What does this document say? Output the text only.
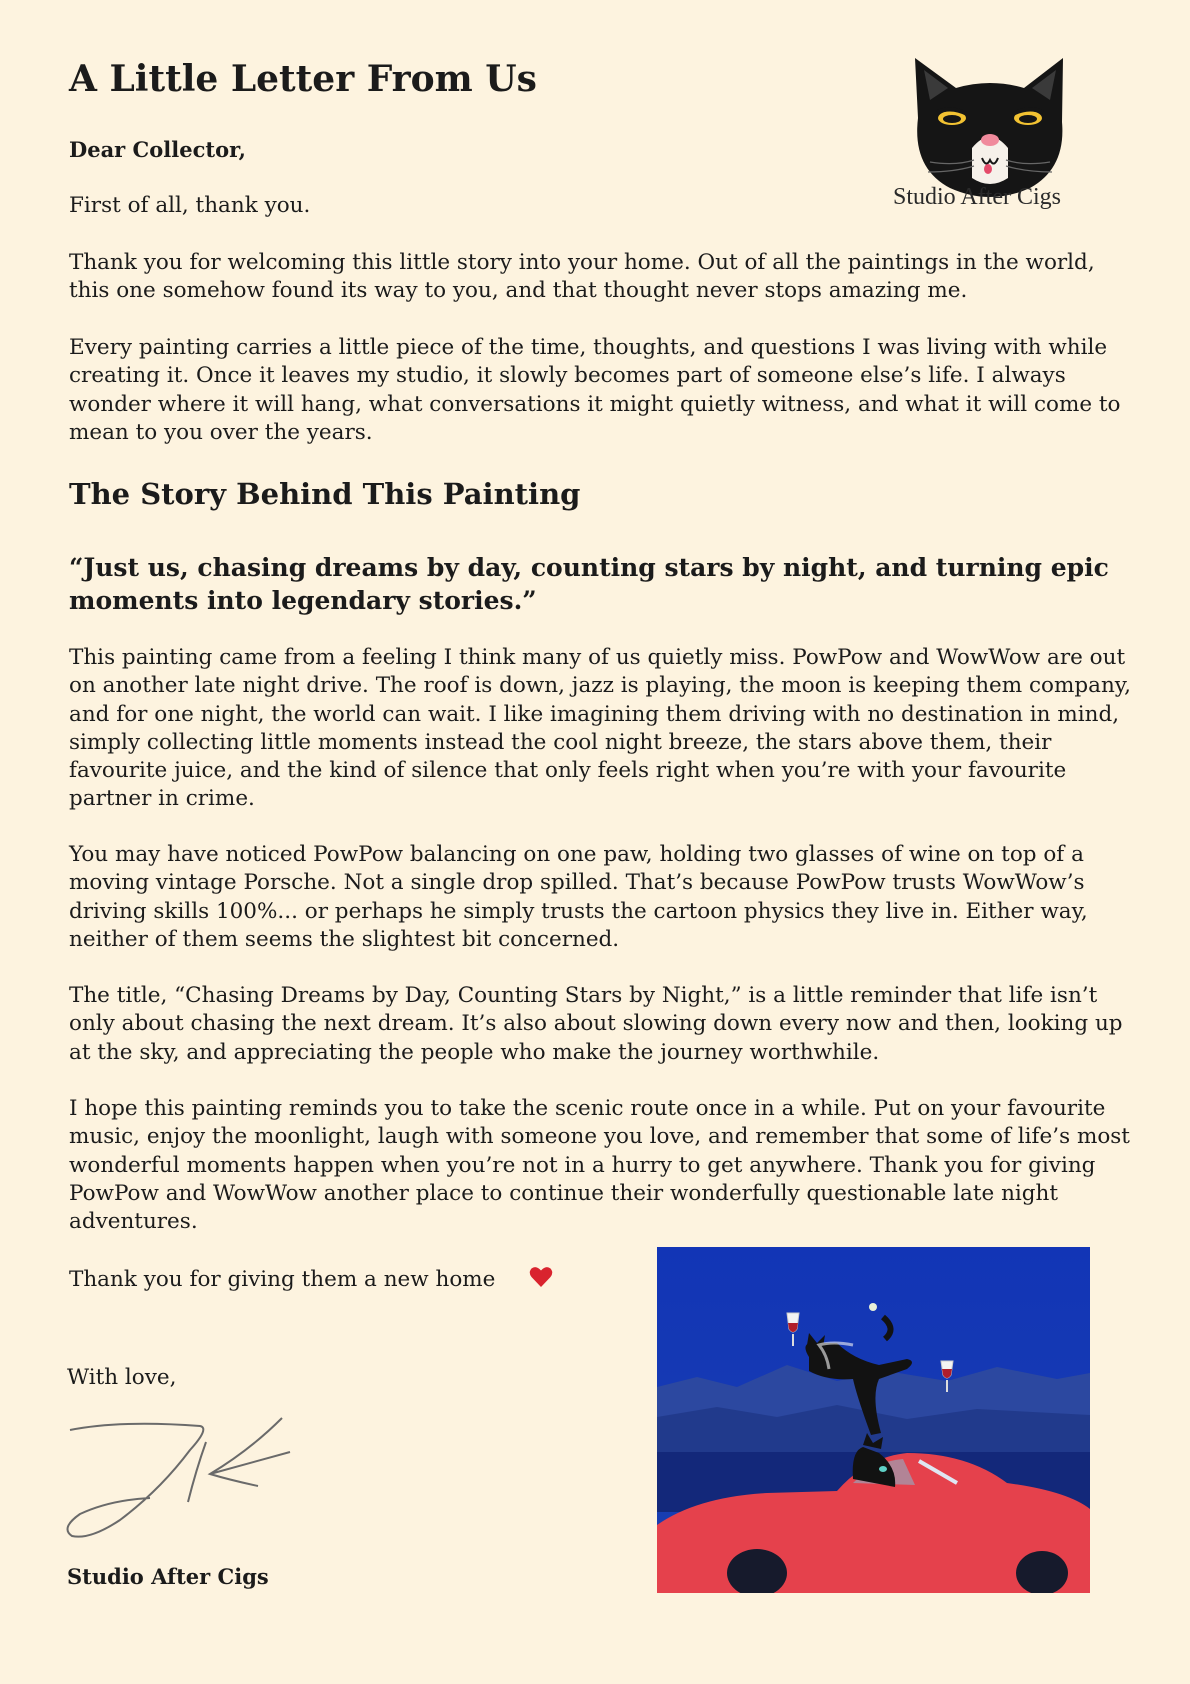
A Little Letter From Us

Studio After Cigs

Dear Collector,

First of all, thank you.

Thank you for welcoming this little story into your home. Out of all the paintings in the world, this one somehow found its way to you, and that thought never stops amazing me.

Every painting carries a little piece of the time, thoughts, and questions I was living with while creating it. Once it leaves my studio, it slowly becomes part of someone else’s life. I always wonder where it will hang, what conversations it might quietly witness, and what it will come to mean to you over the years.

The Story Behind This Painting

“Just us, chasing dreams by day, counting stars by night, and turning epic moments into legendary stories.”

This painting came from a feeling I think many of us quietly miss. PowPow and WowWow are out on another late night drive. The roof is down, jazz is playing, the moon is keeping them company, and for one night, the world can wait. I like imagining them driving with no destination in mind, simply collecting little moments instead the cool night breeze, the stars above them, their favourite juice, and the kind of silence that only feels right when you’re with your favourite partner in crime.

You may have noticed PowPow balancing on one paw, holding two glasses of wine on top of a moving vintage Porsche. Not a single drop spilled. That’s because PowPow trusts WowWow’s driving skills 100%... or perhaps he simply trusts the cartoon physics they live in. Either way, neither of them seems the slightest bit concerned.

The title, “Chasing Dreams by Day, Counting Stars by Night,” is a little reminder that life isn’t only about chasing the next dream. It’s also about slowing down every now and then, looking up at the sky, and appreciating the people who make the journey worthwhile.

I hope this painting reminds you to take the scenic route once in a while. Put on your favourite music, enjoy the moonlight, laugh with someone you love, and remember that some of life’s most wonderful moments happen when you’re not in a hurry to get anywhere. Thank you for giving PowPow and WowWow another place to continue their wonderfully questionable late night adventures.

Thank you for giving them a new home

With love,

Studio After Cigs
